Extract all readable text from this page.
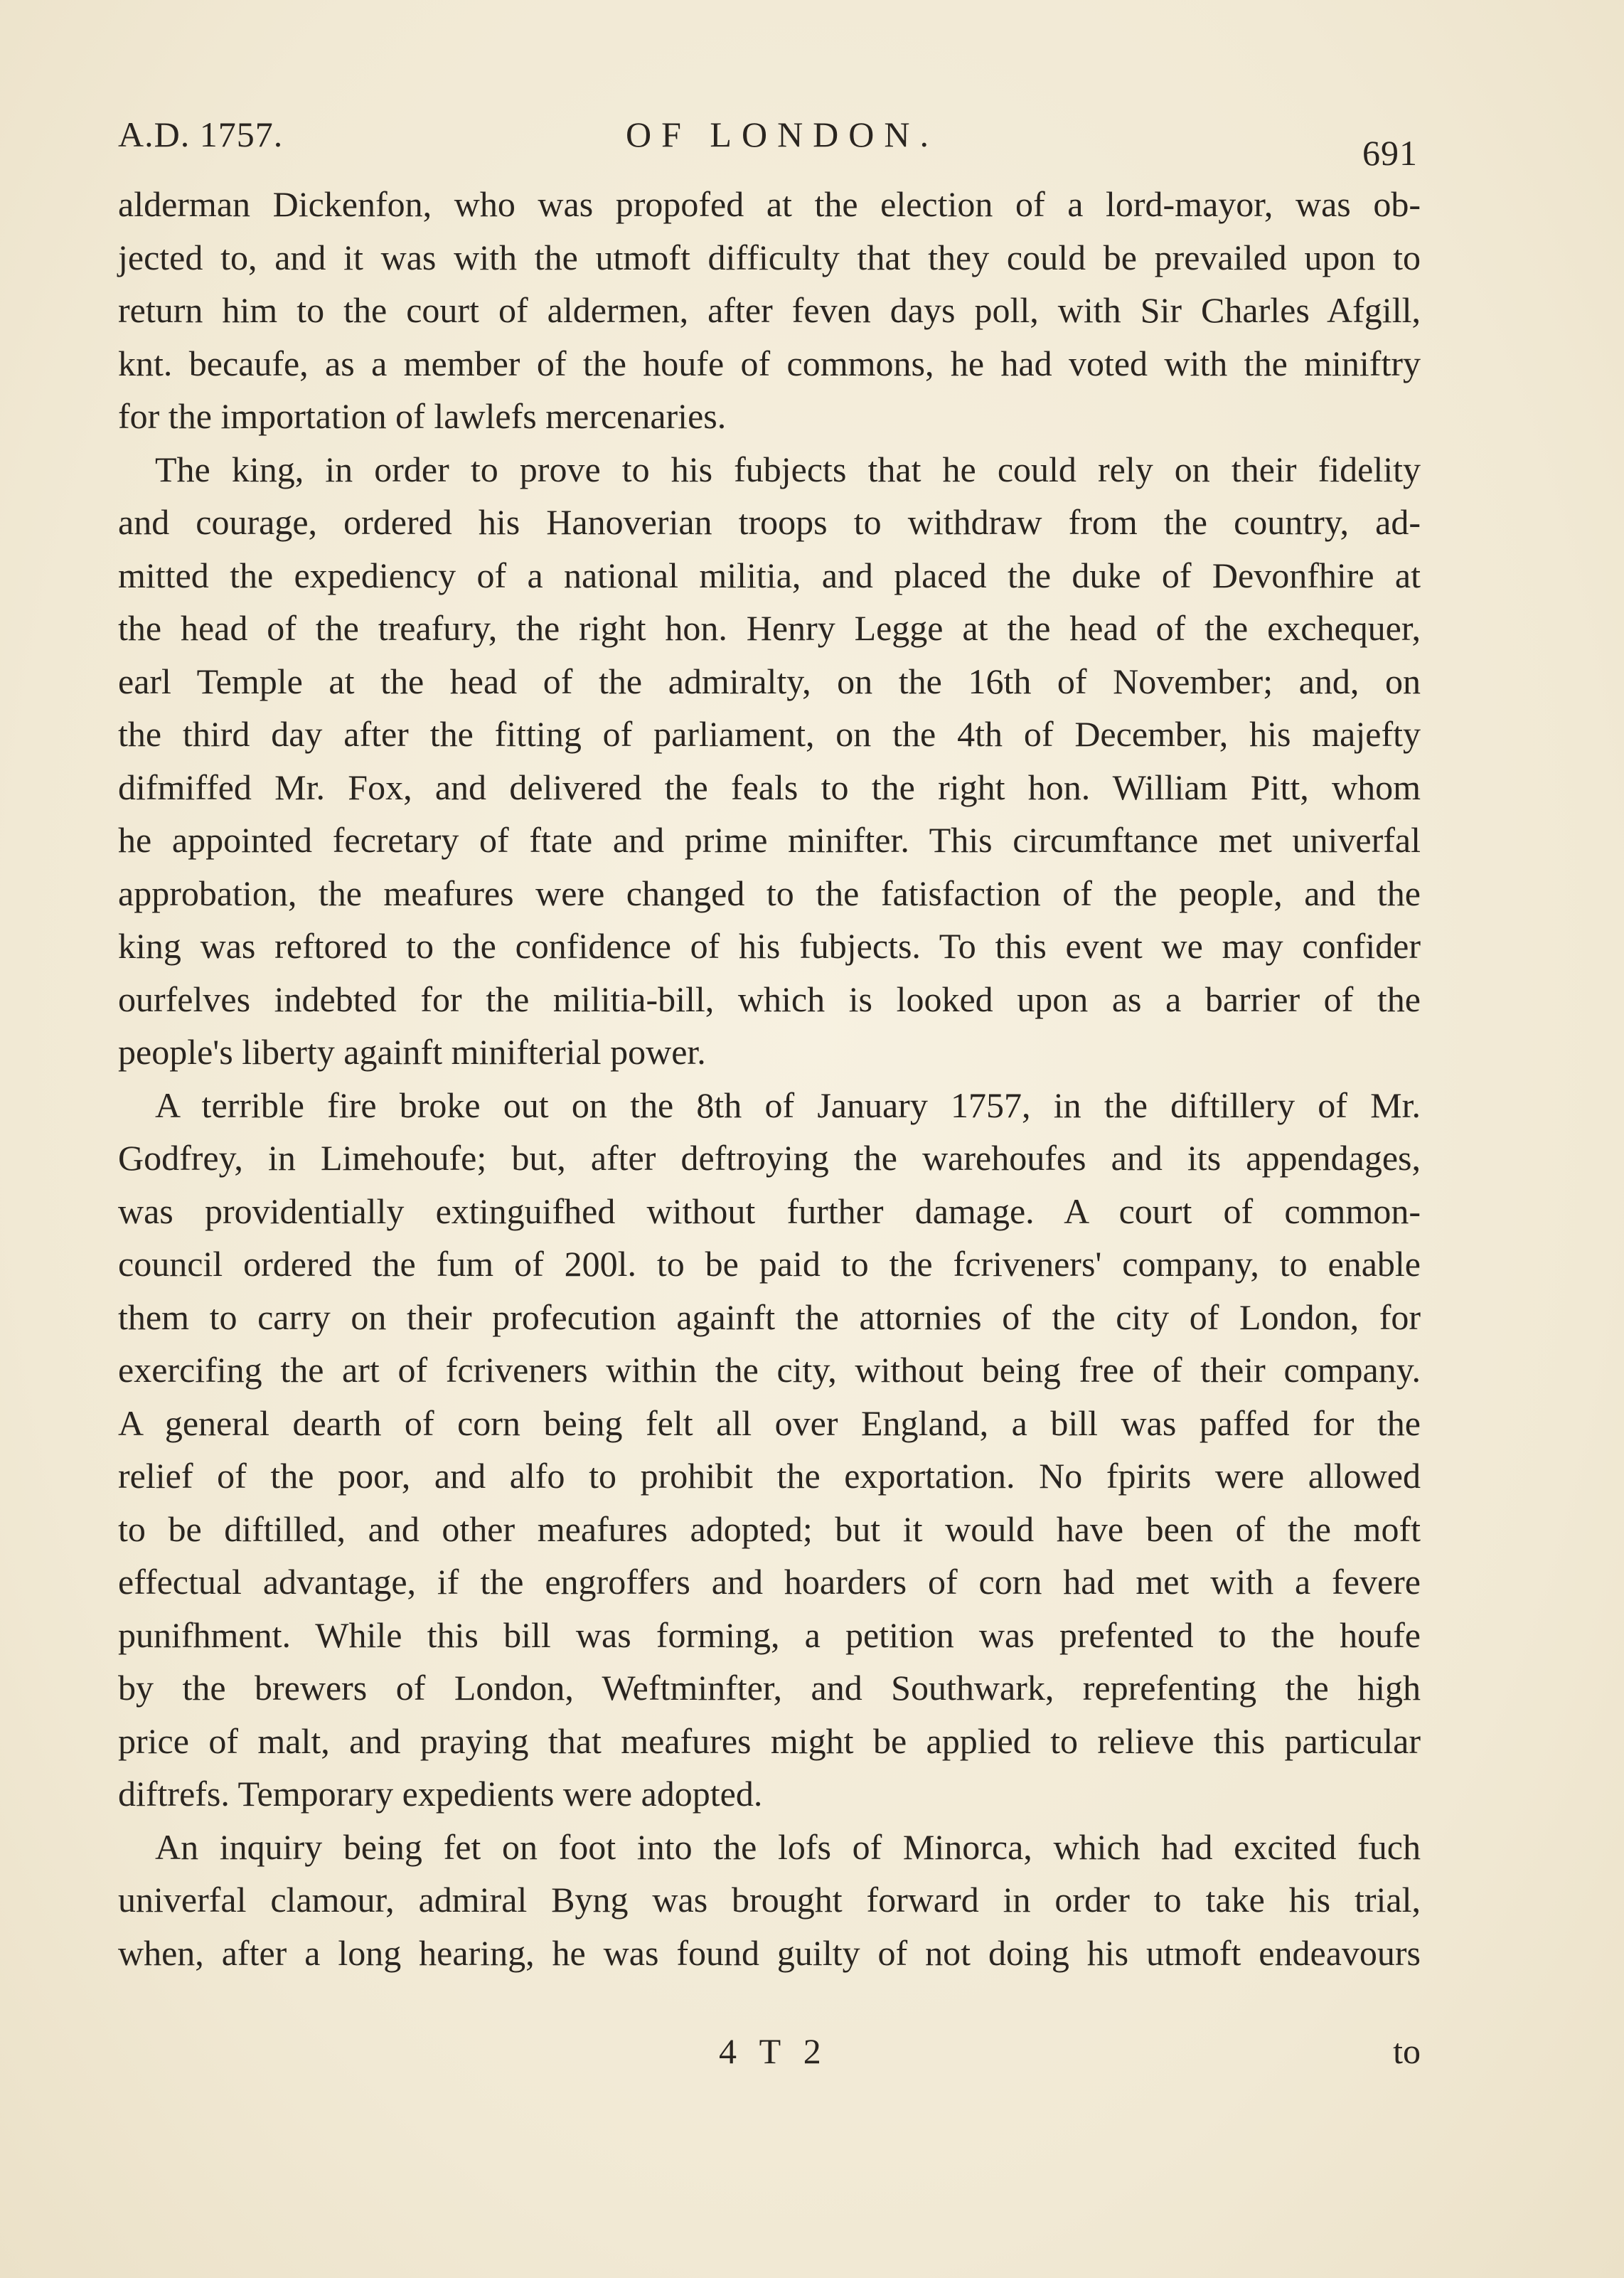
A.D. 1757.	OF LONDON.	691
alderman Dickenfon, who was propofed at the election of a lord-mayor, was ob-
jected to, and it was with the utmoft difficulty that they could be prevailed upon to
return him to the court of aldermen, after feven days poll, with Sir Charles Afgill,
knt. becaufe, as a member of the houfe of commons, he had voted with the miniftry
for the importation of lawlefs mercenaries.
The king, in order to prove to his fubjects that he could rely on their fidelity
and courage, ordered his Hanoverian troops to withdraw from the country, ad-
mitted the expediency of a national militia, and placed the duke of Devonfhire at
the head of the treafury, the right hon. Henry Legge at the head of the exchequer,
earl Temple at the head of the admiralty, on the 16th of November; and, on
the third day after the fitting of parliament, on the 4th of December, his majefty
difmiffed Mr. Fox, and delivered the feals to the right hon. William Pitt, whom
he appointed fecretary of ftate and prime minifter. This circumftance met univerfal
approbation, the meafures were changed to the fatisfaction of the people, and the
king was reftored to the confidence of his fubjects. To this event we may confider
ourfelves indebted for the militia-bill, which is looked upon as a barrier of the
people's liberty againft minifterial power.
A terrible fire broke out on the 8th of January 1757, in the diftillery of Mr.
Godfrey, in Limehoufe; but, after deftroying the warehoufes and its appendages,
was providentially extinguifhed without further damage. A court of common-
council ordered the fum of 200l. to be paid to the fcriveners' company, to enable
them to carry on their profecution againft the attornies of the city of London, for
exercifing the art of fcriveners within the city, without being free of their company.
A general dearth of corn being felt all over England, a bill was paffed for the
relief of the poor, and alfo to prohibit the exportation. No fpirits were allowed
to be diftilled, and other meafures adopted; but it would have been of the moft
effectual advantage, if the engroffers and hoarders of corn had met with a fevere
punifhment. While this bill was forming, a petition was prefented to the houfe
by the brewers of London, Weftminfter, and Southwark, reprefenting the high
price of malt, and praying that meafures might be applied to relieve this particular
diftrefs. Temporary expedients were adopted.
An inquiry being fet on foot into the lofs of Minorca, which had excited fuch
univerfal clamour, admiral Byng was brought forward in order to take his trial,
when, after a long hearing, he was found guilty of not doing his utmoft endeavours
4 T 2	to
